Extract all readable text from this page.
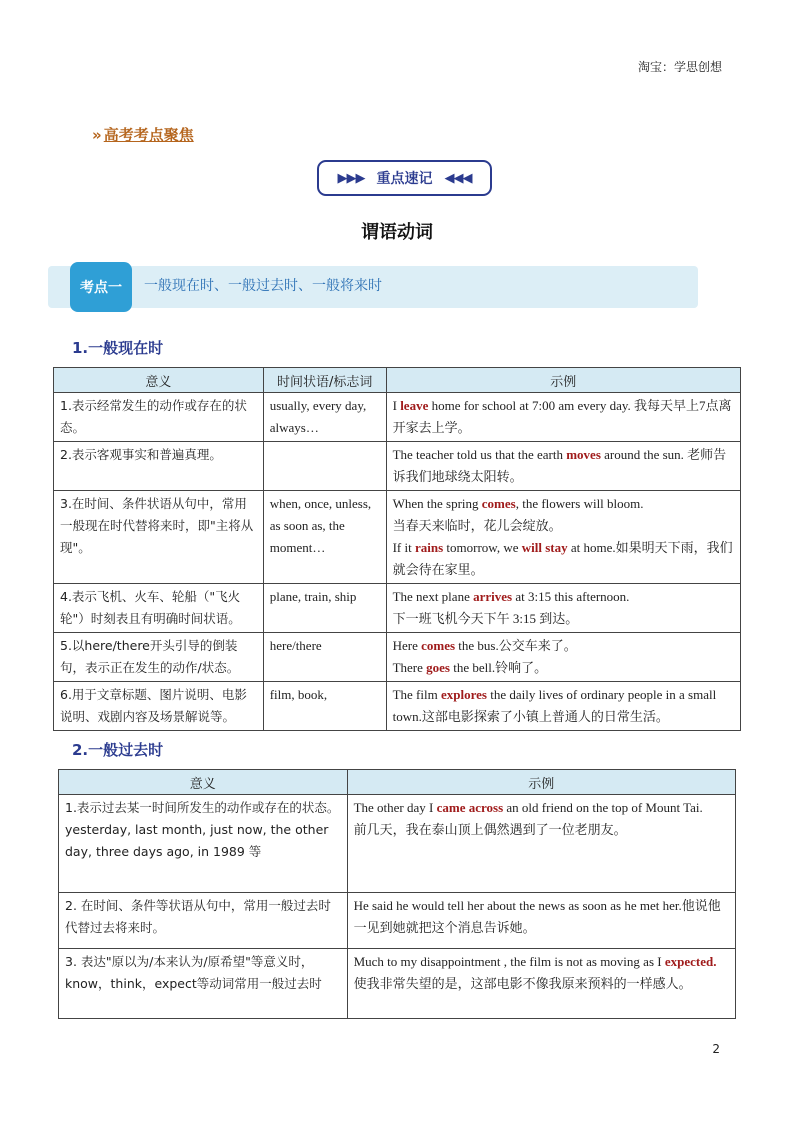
淘宝：学思创想
» 高考考点聚焦
▶▶▶ 重点速记 ◀◀◀
谓语动词
考点一	一般现在时、一般过去时、一般将来时
1.一般现在时
意义	时间状语/标志词	示例
1.表示经常发生的动作或存在的状态。	usually, every day, always…	I leave home for school at 7:00 am every day. 我每天早上7点离开家去上学。
2.表示客观事实和普遍真理。		The teacher told us that the earth moves around the sun. 老师告诉我们地球绕太阳转。
3.在时间、条件状语从句中，常用一般现在时代替将来时，即"主将从现"。	when, once, unless, as soon as, the moment…	When the spring comes, the flowers will bloom.
当春天来临时，花儿会绽放。
If it rains tomorrow, we will stay at home.如果明天下雨，我们就会待在家里。
4.表示飞机、火车、轮船（"飞火轮"）时刻表且有明确时间状语。	plane, train, ship	The next plane arrives at 3:15 this afternoon.
下一班飞机今天下午 3:15 到达。
5.以here/there开头引导的倒装句，表示正在发生的动作/状态。	here/there	Here comes the bus.公交车来了。
There goes the bell.铃响了。
6.用于文章标题、图片说明、电影说明、戏剧内容及场景解说等。	film, book,	The film explores the daily lives of ordinary people in a small town.这部电影探索了小镇上普通人的日常生活。
2.一般过去时
意义	示例
1.表示过去某一时间所发生的动作或存在的状态。yesterday, last month, just now, the other day, three days ago, in 1989 等	The other day I came across an old friend on the top of Mount Tai.
前几天，我在泰山顶上偶然遇到了一位老朋友。
2. 在时间、条件等状语从句中，常用一般过去时代替过去将来时。	He said he would tell her about the news as soon as he met her.他说他一见到她就把这个消息告诉她。
3. 表达"原以为/本来认为/原希望"等意义时，know，think，expect等动词常用一般过去时	Much to my disappointment , the film is not as moving as I expected.
使我非常失望的是，这部电影不像我原来预料的一样感人。
2
